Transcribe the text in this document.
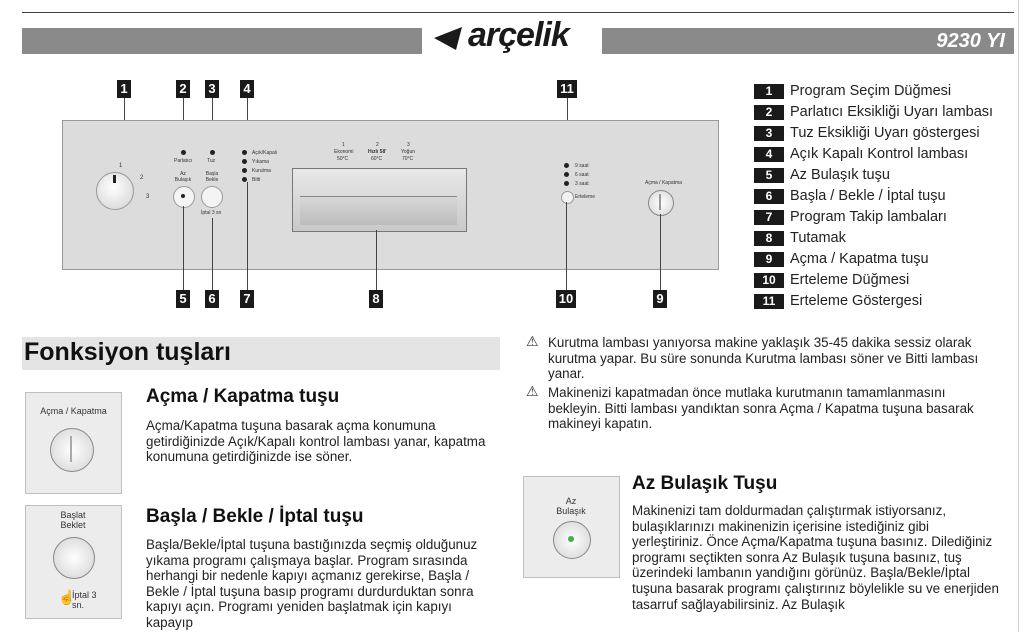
arçelik	9230 YI
1	2 3 4	11
1
2
3
Parlatıcı	Tuz
Az Bulaşık
Başla Bekle
İptal 3 sn
Açık/Kapalı
Yıkama
Kurutma
Bitti
1
Ekonomi
50°C
2
Hızlı 58'
60°C
3
Yoğun
70°C
9 saat
6 saat
3 saat
Erteleme
Açma / Kapatma
5 6 7	8	10	9
1	Program Seçim Düğmesi
2	Parlatıcı Eksikliği Uyarı lambası
3	Tuz Eksikliği Uyarı göstergesi
4	Açık Kapalı Kontrol lambası
5	Az Bulaşık tuşu
6	Başla / Bekle / İptal tuşu
7	Program Takip lambaları
8	Tutamak
9	Açma / Kapatma tuşu
10 Erteleme Düğmesi
11	Erteleme Göstergesi
Fonksiyon tuşları
Açma / Kapatma
Açma / Kapatma tuşu
Açma/Kapatma tuşuna basarak açma konumuna getirdiğinizde Açık/Kapalı kontrol lambası yanar, kapatma konumuna getirdiğinizde ise söner.
Başlat Beklet
☝
İptal 3 sn.
Başla / Bekle / İptal tuşu
Başla/Bekle/İptal tuşuna bastığınızda seçmiş olduğunuz yıkama programı çalışmaya başlar. Program sırasında herhangi bir nedenle kapıyı açmanız gerekirse, Başla / Bekle / İptal tuşuna basıp programı durdurduktan sonra kapıyı açın. Programı yeniden başlatmak için kapıyı kapayıp
⚠ Kurutma lambası yanıyorsa makine yaklaşık 35-45 dakika sessiz olarak kurutma yapar. Bu süre sonunda Kurutma lambası söner ve Bitti lambası yanar.
⚠ Makinenizi kapatmadan önce mutlaka kurutmanın tamamlanmasını bekleyin. Bitti lambası yandıktan sonra Açma / Kapatma tuşuna basarak makineyi kapatın.
Az Bulaşık
Az Bulaşık Tuşu
Makinenizi tam doldurmadan çalıştırmak istiyorsanız, bulaşıklarınızı makinenizin içerisine istediğiniz gibi yerleştiriniz. Önce Açma/Kapatma tuşuna basınız. Dilediğiniz programı seçtikten sonra Az Bulaşık tuşuna basınız, tuş üzerindeki lambanın yandığını görünüz. Başla/Bekle/İptal tuşuna basarak programı çalıştırınız böylelikle su ve enerjiden tasarruf sağlayabilirsiniz. Az Bulaşık
